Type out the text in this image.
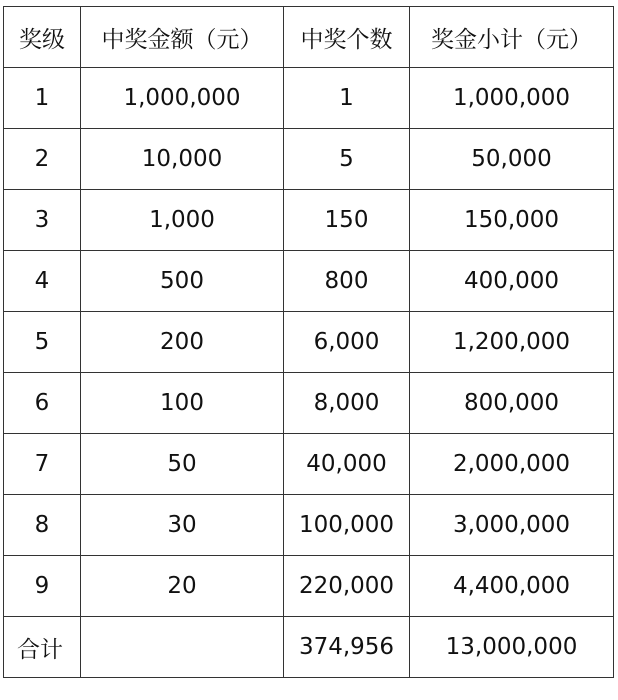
奖级	中奖金额（元）	中奖个数	奖金小计（元）
1	1,000,000	1	1,000,000
2	10,000	5	50,000
3	1,000	150	150,000
4	500	800	400,000
5	200	6,000	1,200,000
6	100	8,000	800,000
7	50	40,000	2,000,000
8	30	100,000	3,000,000
9	20	220,000	4,400,000
合计		374,956	13,000,000
